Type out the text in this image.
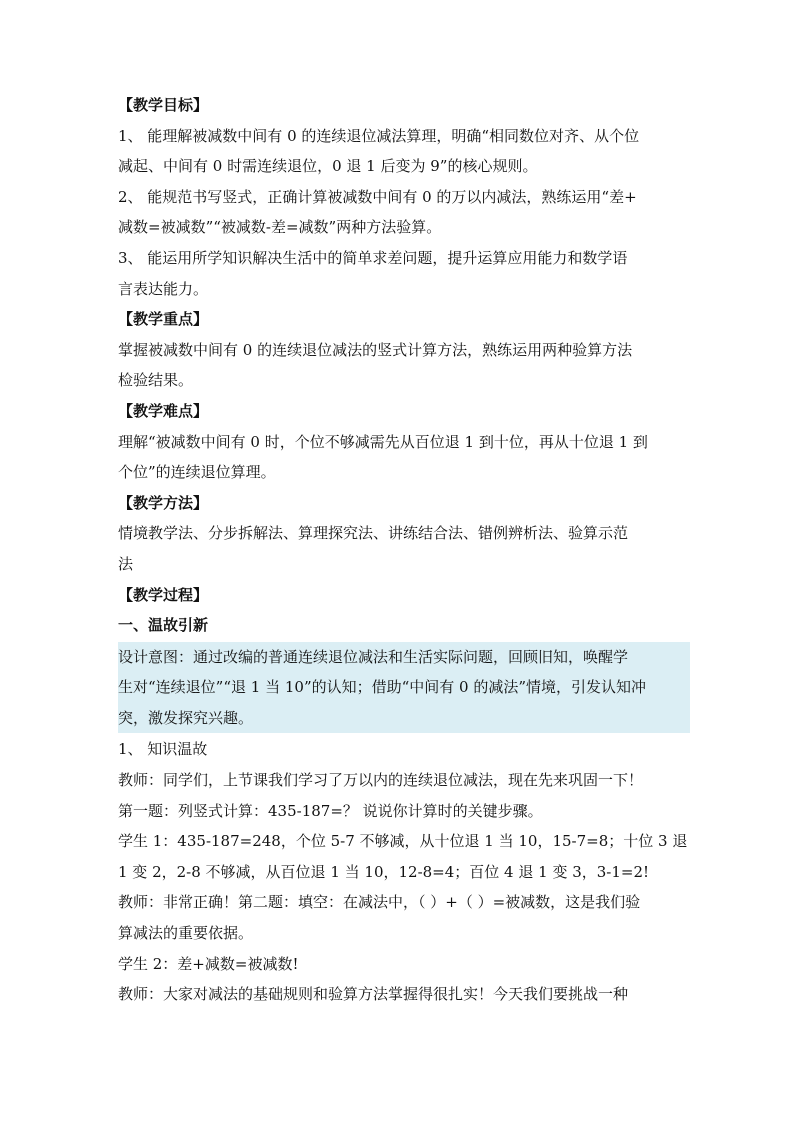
【教学目标】
1、 能理解被减数中间有 0 的连续退位减法算理，明确“相同数位对齐、从个位
减起、中间有 0 时需连续退位，0 退 1 后变为 9”的核心规则。
2、 能规范书写竖式，正确计算被减数中间有 0 的万以内减法，熟练运用“差+
减数=被减数”“被减数-差=减数”两种方法验算。
3、 能运用所学知识解决生活中的简单求差问题，提升运算应用能力和数学语
言表达能力。
【教学重点】
掌握被减数中间有 0 的连续退位减法的竖式计算方法，熟练运用两种验算方法
检验结果。
【教学难点】
理解“被减数中间有 0 时，个位不够减需先从百位退 1 到十位，再从十位退 1 到
个位”的连续退位算理。
【教学方法】
情境教学法、分步拆解法、算理探究法、讲练结合法、错例辨析法、验算示范
法
【教学过程】
一、温故引新
设计意图：通过改编的普通连续退位减法和生活实际问题，回顾旧知，唤醒学
生对“连续退位”“退 1 当 10”的认知；借助“中间有 0 的减法”情境，引发认知冲
突，激发探究兴趣。
1、 知识温故
教师：同学们，上节课我们学习了万以内的连续退位减法，现在先来巩固一下！
第一题：列竖式计算：435-187=？ 说说你计算时的关键步骤。
学生 1：435-187=248，个位 5-7 不够减，从十位退 1 当 10，15-7=8；十位 3 退
1 变 2，2-8 不够减，从百位退 1 当 10，12-8=4；百位 4 退 1 变 3，3-1=2!
教师：非常正确！第二题：填空：在减法中，（ ）+（ ）=被减数，这是我们验
算减法的重要依据。
学生 2：差+减数=被减数!
教师：大家对减法的基础规则和验算方法掌握得很扎实！今天我们要挑战一种
